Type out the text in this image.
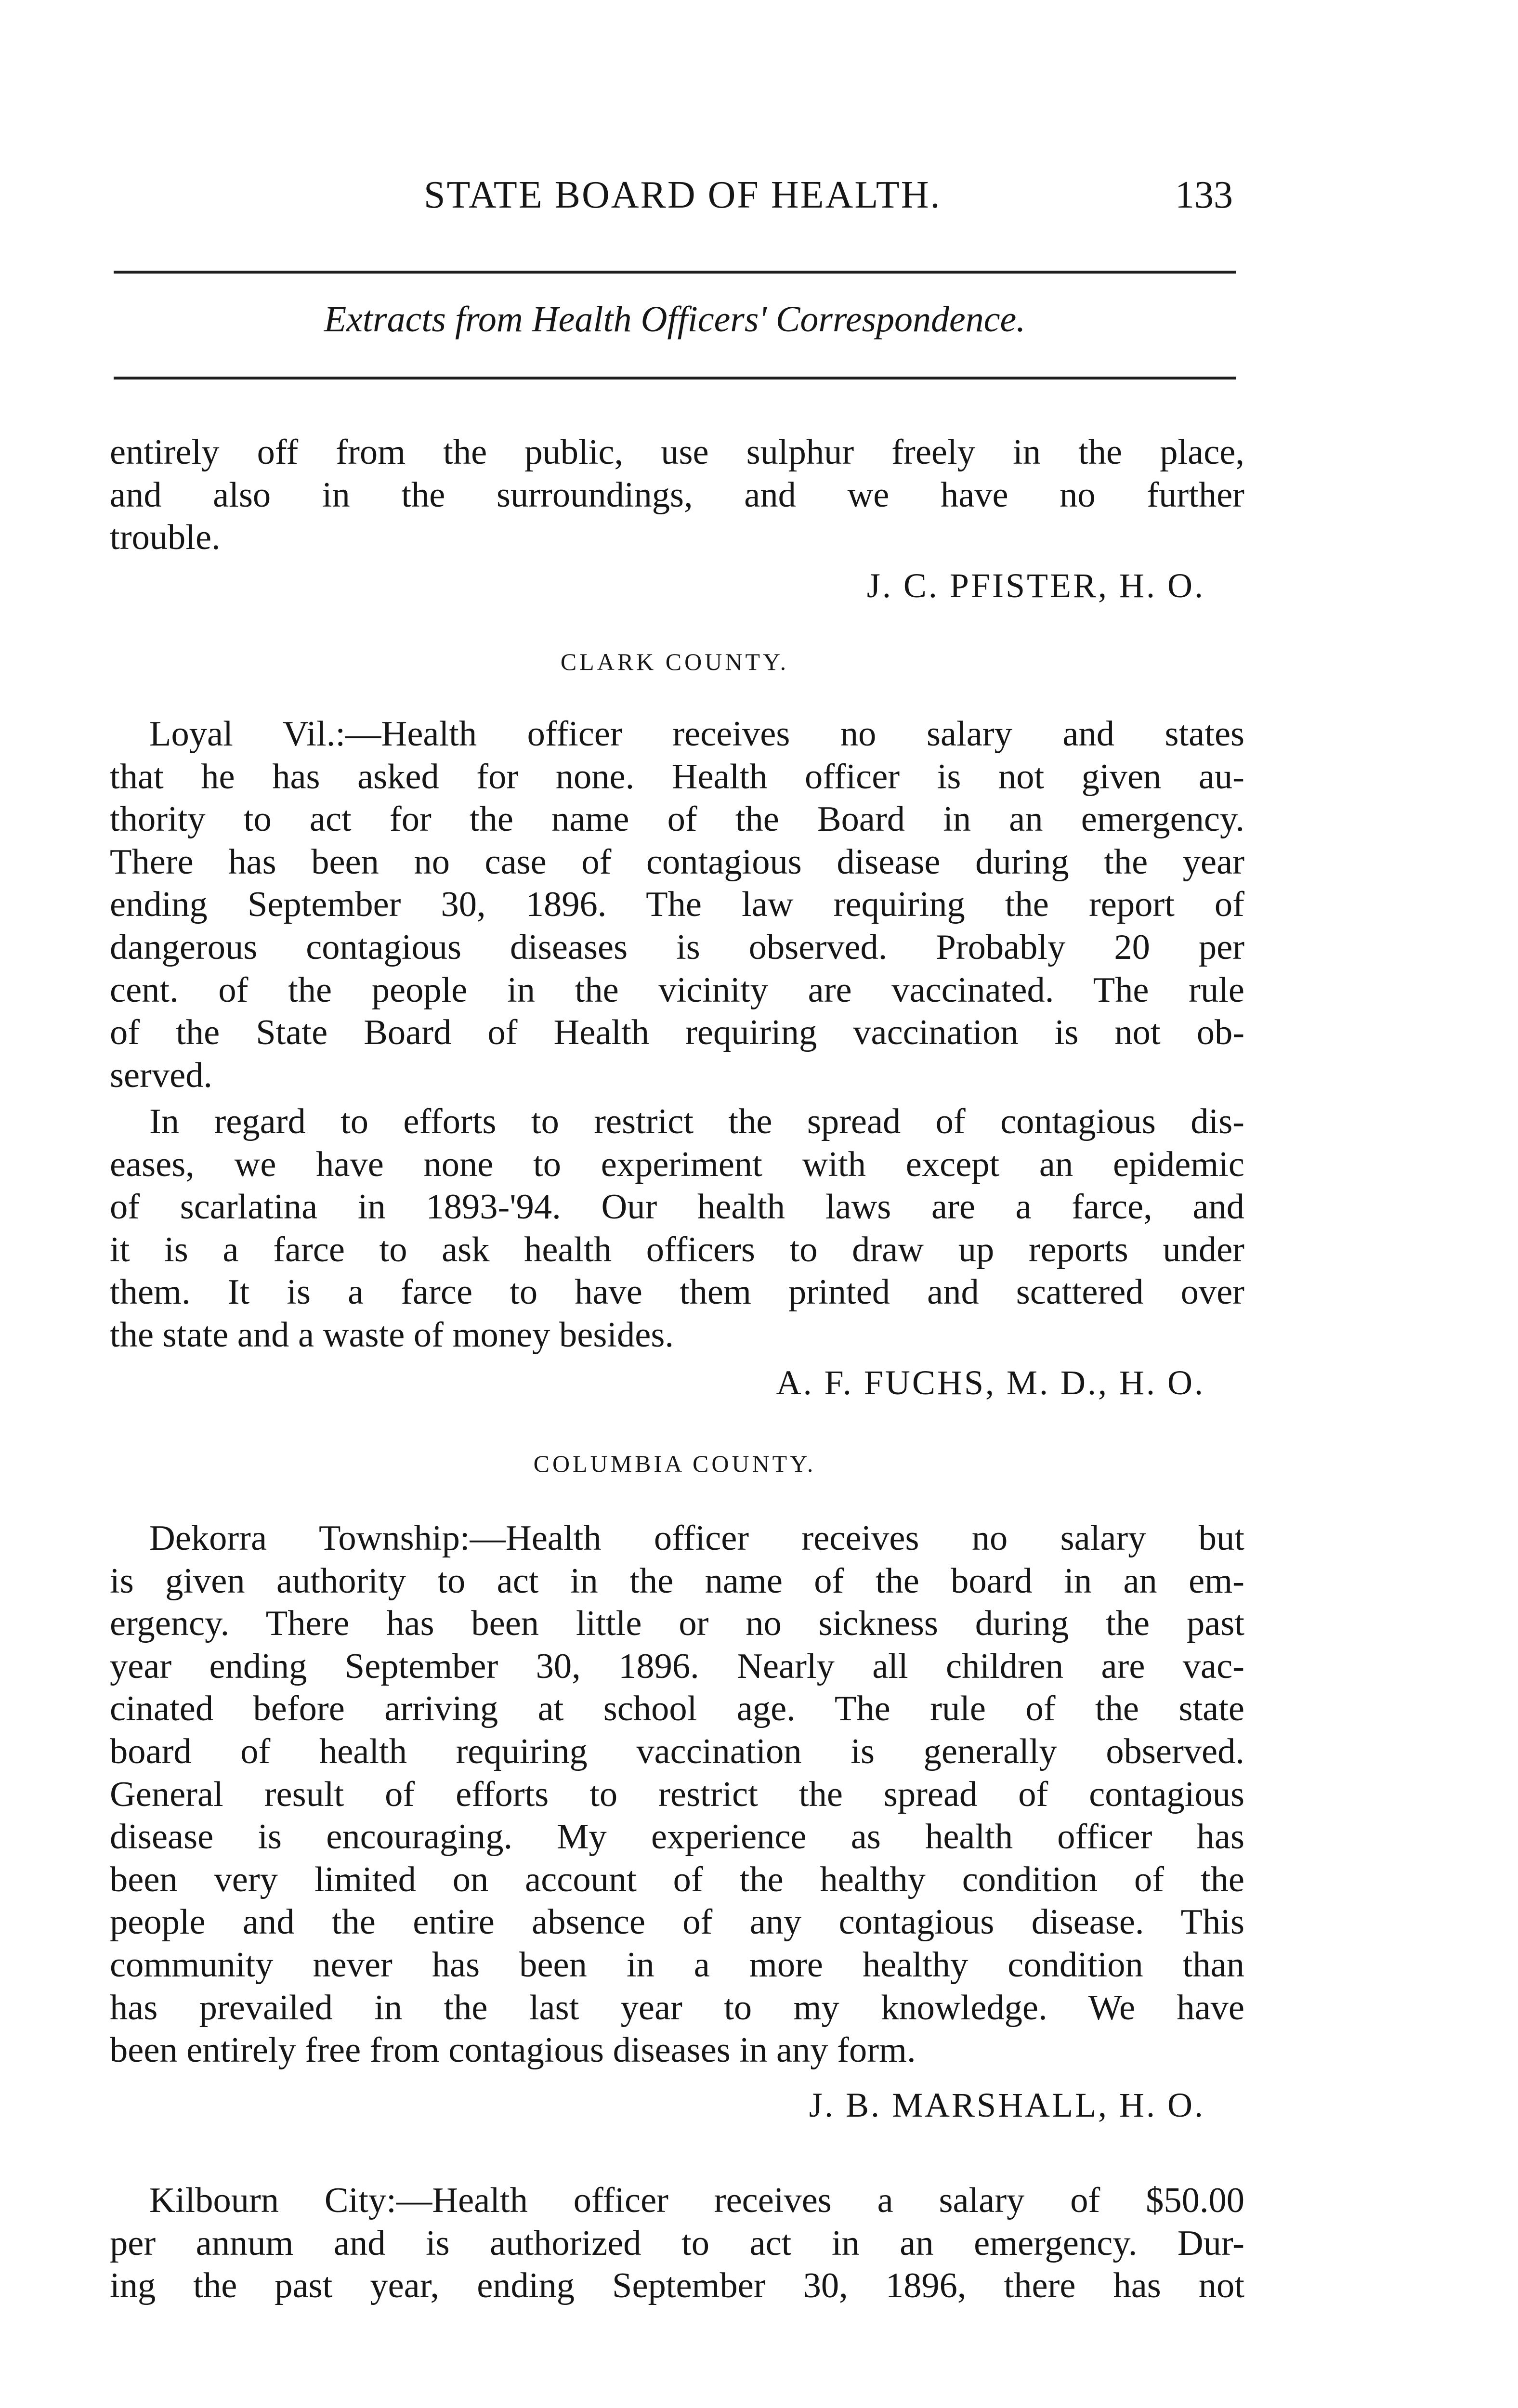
STATE BOARD OF HEALTH.	133
Extracts from Health Officers' Correspondence.
entirely off from the public, use sulphur freely in the place,
and also in the surroundings, and we have no further
trouble.
J. C. PFISTER, H. O.
CLARK COUNTY.
Loyal Vil.:—Health officer receives no salary and states
that he has asked for none. Health officer is not given au-
thority to act for the name of the Board in an emergency.
There has been no case of contagious disease during the year
ending September 30, 1896. The law requiring the report of
dangerous contagious diseases is observed. Probably 20 per
cent. of the people in the vicinity are vaccinated. The rule
of the State Board of Health requiring vaccination is not ob-
served.
In regard to efforts to restrict the spread of contagious dis-
eases, we have none to experiment with except an epidemic
of scarlatina in 1893-'94. Our health laws are a farce, and
it is a farce to ask health officers to draw up reports under
them. It is a farce to have them printed and scattered over
the state and a waste of money besides.
A. F. FUCHS, M. D., H. O.
COLUMBIA COUNTY.
Dekorra Township:—Health officer receives no salary but
is given authority to act in the name of the board in an em-
ergency. There has been little or no sickness during the past
year ending September 30, 1896. Nearly all children are vac-
cinated before arriving at school age. The rule of the state
board of health requiring vaccination is generally observed.
General result of efforts to restrict the spread of contagious
disease is encouraging. My experience as health officer has
been very limited on account of the healthy condition of the
people and the entire absence of any contagious disease. This
community never has been in a more healthy condition than
has prevailed in the last year to my knowledge. We have
been entirely free from contagious diseases in any form.
J. B. MARSHALL, H. O.
Kilbourn City:—Health officer receives a salary of $50.00
per annum and is authorized to act in an emergency. Dur-
ing the past year, ending September 30, 1896, there has not
